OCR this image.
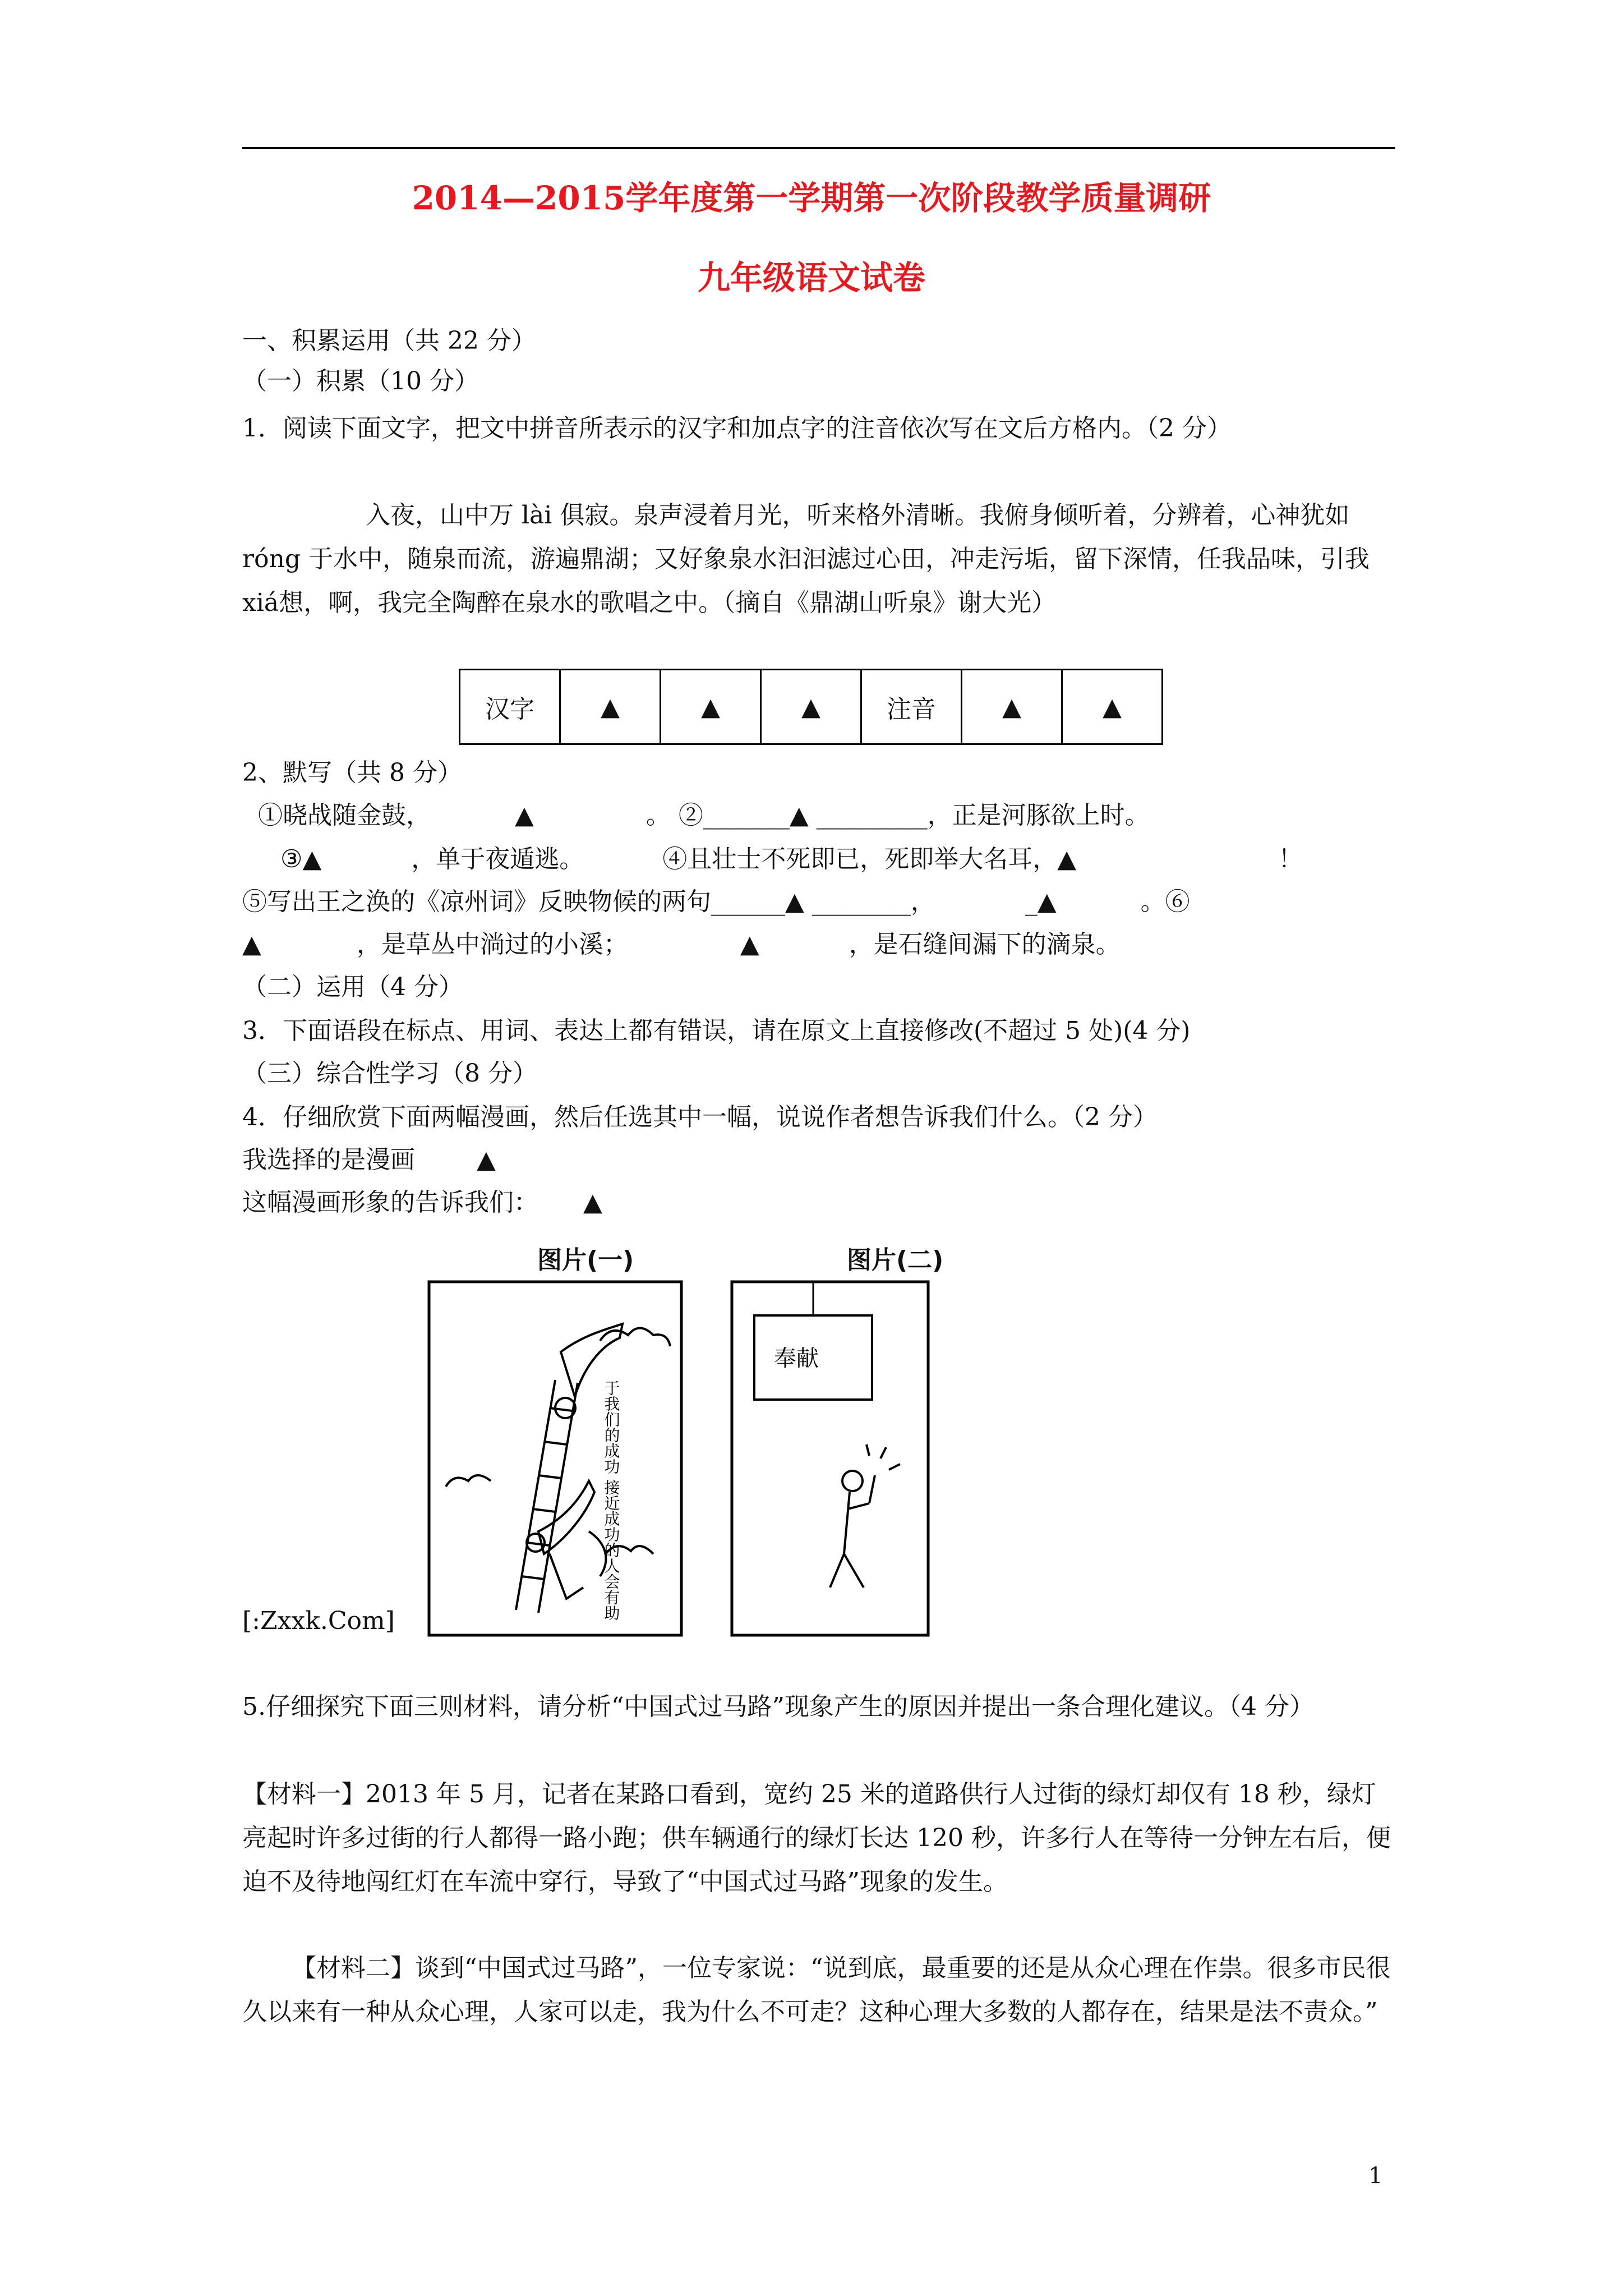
2014—2015学年度第一学期第一次阶段教学质量调研
九年级语文试卷
一、积累运用（共 22 分）
（一）积累（10 分）
1．阅读下面文字，把文中拼音所表示的汉字和加点字的注音依次写在文后方格内。（2 分）
入夜，山中万 lài 俱寂。泉声浸着月光，听来格外清晰。我俯身倾听着，分辨着，心神犹如 róng 于水中，随泉而流，游遍鼎湖；又好象泉水汩汩滤过心田，冲走污垢，留下深情，任我品味，引我 xiá想，啊，我完全陶醉在泉水的歌唱之中。（摘自《鼎湖山听泉》谢大光）
汉字	▲	▲	▲	注音	▲	▲
2、默写（共 8 分）
①晓战随金鼓，	▲	。 ②_______▲ _________，正是河豚欲上时。
③▲	，单于夜遁逃。	④且壮士不死即已，死即举大名耳，▲	！
⑤写出王之涣的《凉州词》反映物候的两句______▲ ________，	_▲	。⑥
▲	，是草丛中淌过的小溪；	▲	，是石缝间漏下的滴泉。
（二）运用（4 分）
3．下面语段在标点、用词、表达上都有错误，请在原文上直接修改(不超过 5 处)(4 分)
（三）综合性学习（8 分）
4．仔细欣赏下面两幅漫画，然后任选其中一幅，说说作者想告诉我们什么。（2 分）
我选择的是漫画	▲
这幅漫画形象的告诉我们： ▲
图片(一)	图片(二)
于我们的成功 接近成功的人会有助
奉献
[:Zxxk.Com]
5.仔细探究下面三则材料，请分析“中国式过马路”现象产生的原因并提出一条合理化建议。（4 分）
【材料一】2013 年 5 月，记者在某路口看到，宽约 25 米的道路供行人过街的绿灯却仅有 18 秒，绿灯亮起时许多过街的行人都得一路小跑；供车辆通行的绿灯长达 120 秒，许多行人在等待一分钟左右后，便迫不及待地闯红灯在车流中穿行，导致了“中国式过马路”现象的发生。
【材料二】谈到“中国式过马路”，一位专家说：“说到底，最重要的还是从众心理在作祟。很多市民很久以来有一种从众心理，人家可以走，我为什么不可走？这种心理大多数的人都存在，结果是法不责众。”
1
